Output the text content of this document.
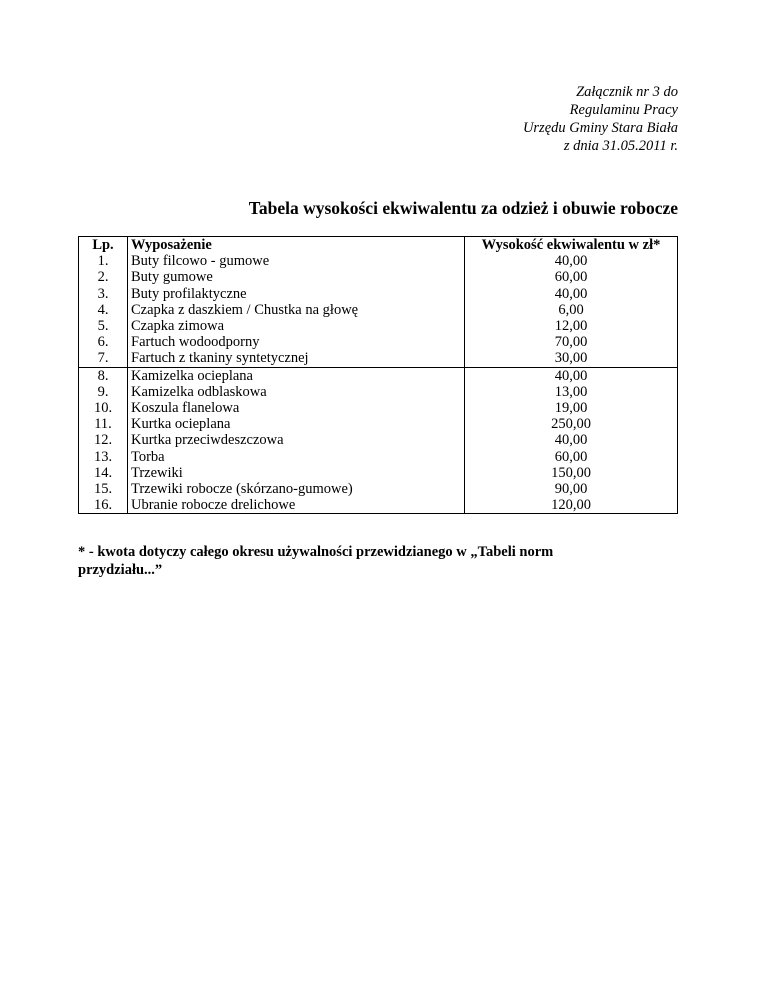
Załącznik nr 3 do
Regulaminu Pracy
Urzędu Gminy Stara Biała
z dnia 31.05.2011 r.
Tabela wysokości ekwiwalentu za odzież i obuwie robocze
Lp.	Wyposażenie	Wysokość ekwiwalentu w zł*
1.	Buty filcowo - gumowe	40,00
2.	Buty gumowe	60,00
3.	Buty profilaktyczne	40,00
4.	Czapka z daszkiem / Chustka na głowę	6,00
5.	Czapka zimowa	12,00
6.	Fartuch wodoodporny	70,00
7.	Fartuch z tkaniny syntetycznej	30,00
8.	Kamizelka ocieplana	40,00
9.	Kamizelka odblaskowa	13,00
10.	Koszula flanelowa	19,00
11.	Kurtka ocieplana	250,00
12.	Kurtka przeciwdeszczowa	40,00
13.	Torba	60,00
14.	Trzewiki	150,00
15.	Trzewiki robocze (skórzano-gumowe)	90,00
16.	Ubranie robocze drelichowe	120,00
* - kwota dotyczy całego okresu używalności przewidzianego w „Tabeli norm przydziału...”
